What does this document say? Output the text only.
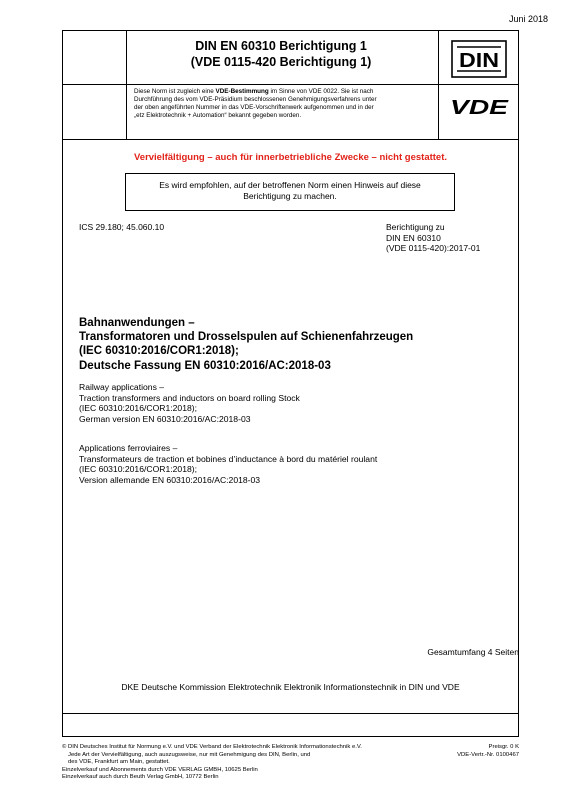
Juni 2018
DIN EN 60310 Berichtigung 1
(VDE 0115-420 Berichtigung 1)	DIN
VDE
Diese Norm ist zugleich eine VDE-Bestimmung im Sinne von VDE 0022. Sie ist nach
Durchführung des vom VDE-Präsidium beschlossenen Genehmigungsverfahrens unter
der oben angeführten Nummer in das VDE-Vorschriftenwerk aufgenommen und in der
„etz Elektrotechnik + Automation“ bekannt gegeben worden.
Vervielfältigung – auch für innerbetriebliche Zwecke – nicht gestattet.
Es wird empfohlen, auf der betroffenen Norm einen Hinweis auf diese
Berichtigung zu machen.
ICS 29.180; 45.060.10	Berichtigung zu
DIN EN 60310
(VDE 0115-420):2017-01
Bahnanwendungen –
Transformatoren und Drosselspulen auf Schienenfahrzeugen
(IEC 60310:2016/COR1:2018);
Deutsche Fassung EN 60310:2016/AC:2018-03
Railway applications –
Traction transformers and inductors on board rolling Stock
(IEC 60310:2016/COR1:2018);
German version EN 60310:2016/AC:2018-03
Applications ferroviaires –
Transformateurs de traction et bobines d’inductance à bord du matériel roulant
(IEC 60310:2016/COR1:2018);
Version allemande EN 60310:2016/AC:2018-03
Gesamtumfang 4 Seiten
DKE Deutsche Kommission Elektrotechnik Elektronik Informationstechnik in DIN und VDE
© DIN Deutsches Institut für Normung e.V. und VDE Verband der Elektrotechnik Elektronik Informationstechnik e.V.
Jede Art der Vervielfältigung, auch auszugsweise, nur mit Genehmigung des DIN, Berlin, und
des VDE, Frankfurt am Main, gestattet.
Einzelverkauf und Abonnements durch VDE VERLAG GMBH, 10625 Berlin
Einzelverkauf auch durch Beuth Verlag GmbH, 10772 Berlin
Preisgr. 0 K
VDE-Vertr.-Nr. 0100467
